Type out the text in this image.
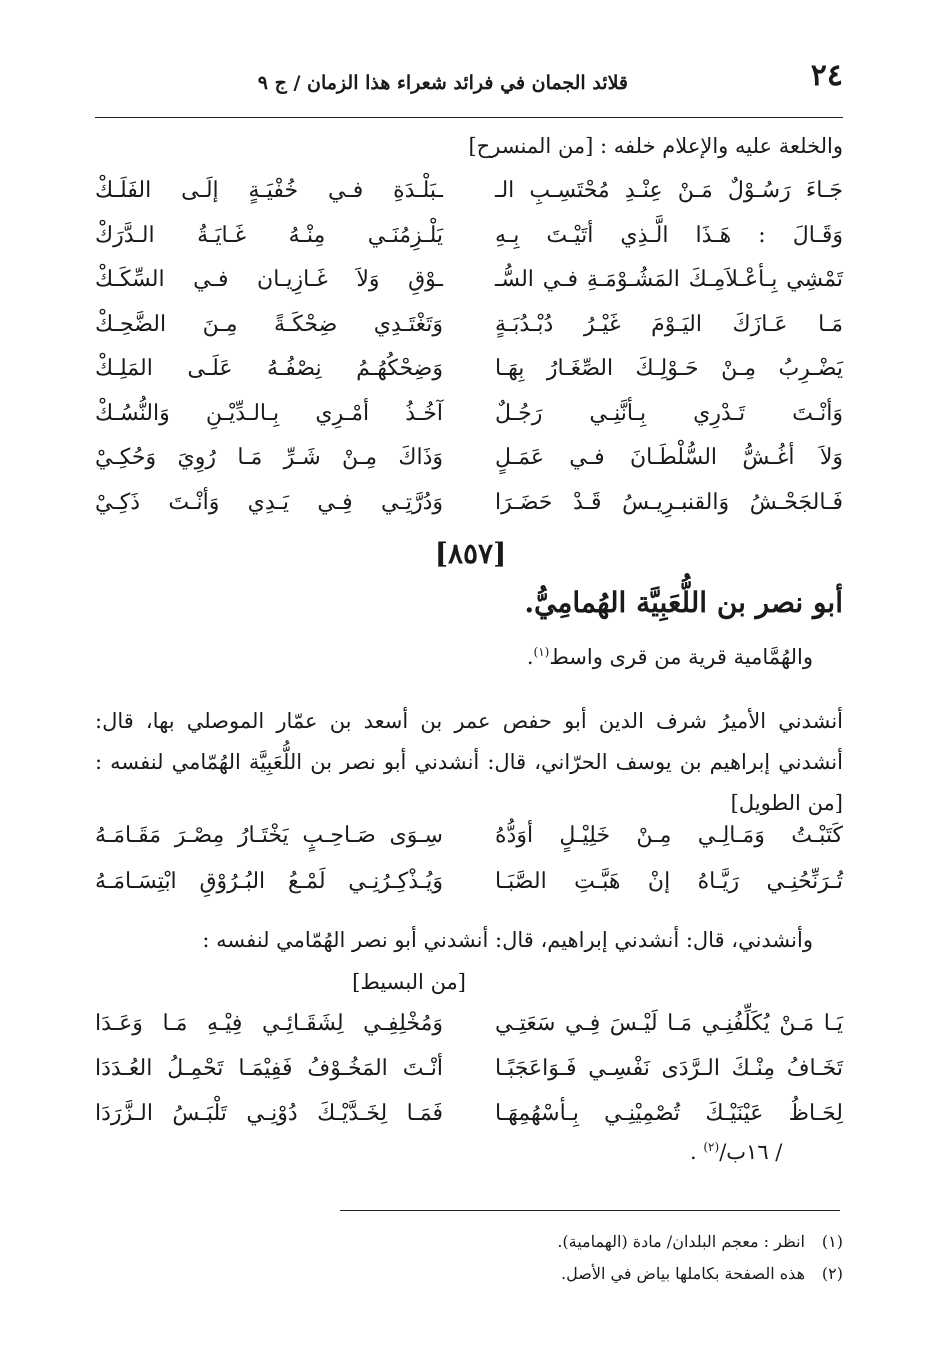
٢٤
قلائد الجمان في فرائد شعراء هذا الزمان / ج ٩
والخلعة عليه والإعلام خلفه : [من المنسرح]
جَـاءَ رَسُـوْلٌ مَـنْ عِنْـدِ مُحْتَسِـبِ الـ
ـبَلْـدَةِ فـي خُفْيَـةٍ إلَـى الفَلَـكْ
وَقَـالَ : هَـذَا الَّـذِي أتَيْـتَ بِـهِ
يَلْـزِمُنَـي مِنْـهُ غَـايَـةُ الـدَّرَكْ
تَمْشِي بِـأعْـلاَمِـكَ المَشُـوْمَـةِ فـي السُّـ
ـوْقِ وَلاَ غَـازِيـان فـي السِّكَـكْ
مَـا عَـازَكَ اليَـوْمَ غَيْـرُ دُبْـدُبَـةٍ
وَتَغْتَـدِي ضِحْكَـةً مِـنَ الضَّحِـكْ
يَضْـرِبُ مِـنْ حَـوْلِـكَ الصِّغَـارُ بِهَـا
وَضِحْكُهُـمُ نِصْفُـهُ عَلَـى المَلِـكْ
وَأنْـتَ تَـدْرِي بِـأنَّنِـي رَجُـلٌ
آخُـذُ أمْـرِي بِـالـدِّيْـنِ وَالنُّسُـكْ
وَلاَ أغُـشُّ السُّلْطَـانَ فـي عَمَـلٍ
وَذَاكَ مِـنْ شَـرِّ مَـا رُوِيَ وَحُكِـيْ
فَـالجَحْـشُ وَالقنبـرِيـسُ قَـدْ حَضَـرَا
وَدُرَّتِـي فِـي يَـدِي وَأنْـتَ ذَكِـيْ
[٨٥٧]
أبو نصر بن اللُّعَبِيَّة الهُمامِيُّ.
والهُمَّامية قرية من قرى واسط$^{(١)}$.
أنشدني الأميرُ شرف الدين أبو حفص عمر بن أسعد بن عمّار الموصلي بها، قال: أنشدني إبراهيم بن يوسف الحرّاني، قال: أنشدني أبو نصر بن اللُّعَبِيَّة الهُمّامي لنفسه : [من الطويل]
كَتَبْـتُ وَمَـالِـي مِـنْ خَلِيْـلٍ أوَدُّهُ
سِـوَى صَـاحِـبٍ يَخْتَـارُ مِصْـرَ مَقَـامَـهُ
تُـرَنِّحُنِـي رَيَّـاهُ إنْ هَبَّـتِ الصَّبَـا
وَيُـذْكِـرُنِـي لَمْـعُ البُـرُوْقِ ابْتِسَـامَـهُ
وأنشدني، قال: أنشدني إبراهيم، قال: أنشدني أبو نصر الهُمّامي لنفسه :
[من البسيط]
يَـا مَـنْ يُكَلِّفُنِـي مَـا لَيْـسَ فِـي سَعَتِـي
وَمُخْلِفِـي لِشَقَـائِـي فِيْـهِ مَـا وَعَـدَا
تَخَـافُ مِنْـكَ الـرَّدَى نَفْسِـي فَـوَاعَجَبًـا
أنْـتَ المَخُـوْفُ فَفِيْمَـا تَحْمِـلُ العُـدَدَا
لِحَـاظُ عَيْنَيْـكَ تُصْمِيْنِـي بِـأسْهُمِهَـا
فَمَـا لِخَـدَّيْـكَ دُوْنِـي تَلْبَـسُ الـزَّرَدَا
/ ١٦ب/$^{(٢)}$ .
(١)انظر : معجم البلدان/ مادة (الهمامية).
(٢)هذه الصفحة بكاملها بياض في الأصل.
